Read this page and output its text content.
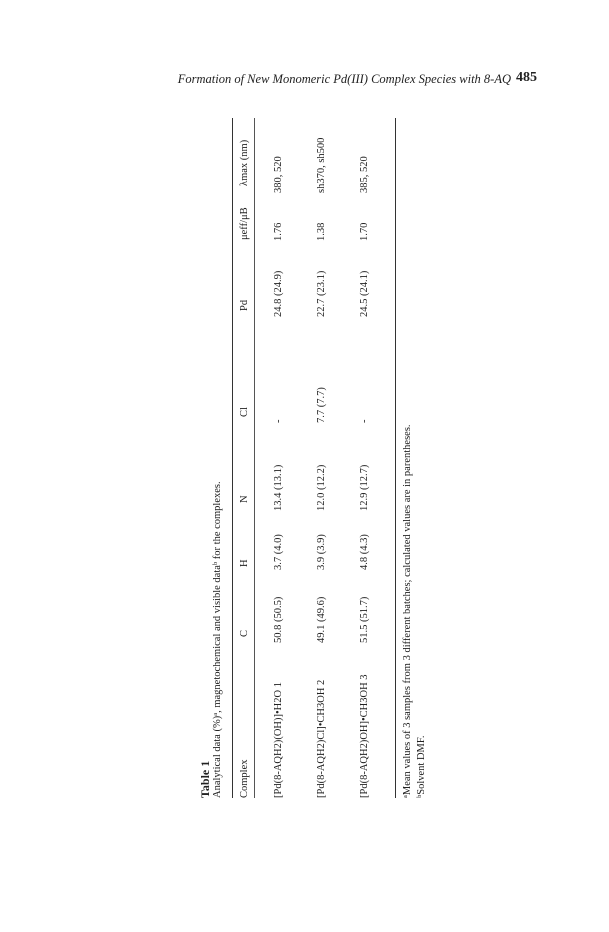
Formation of New Monomeric Pd(III) Complex Species with 8-AQ 485
Table 1 Analytical data (%)ᵃ, magnetochemical and visible dataᵇ for the complexes. Complex
C
H
N
Cl
Pd
μeff/μB
λmax (nm)
[Pd(8-AQH2)(OH)]•H2O 1
50.8 (50.5)
3.7 (4.0)
13.4 (13.1)
-
24.8 (24.9)
1.76
380, 520
[Pd(8-AQH2)Cl]•CH3OH 2
49.1 (49.6)
3.9 (3.9)
12.0 (12.2)
7.7 (7.7)
22.7 (23.1)
1.38
sh370, sh500
[Pd(8-AQH2)OH]•CH3OH 3
51.5 (51.7)
4.8 (4.3)
12.9 (12.7)
-
24.5 (24.1)
1.70
385, 520
ᵃMean values of 3 samples from 3 different batches; calculated values are in parentheses. ᵇSolvent DMF.
